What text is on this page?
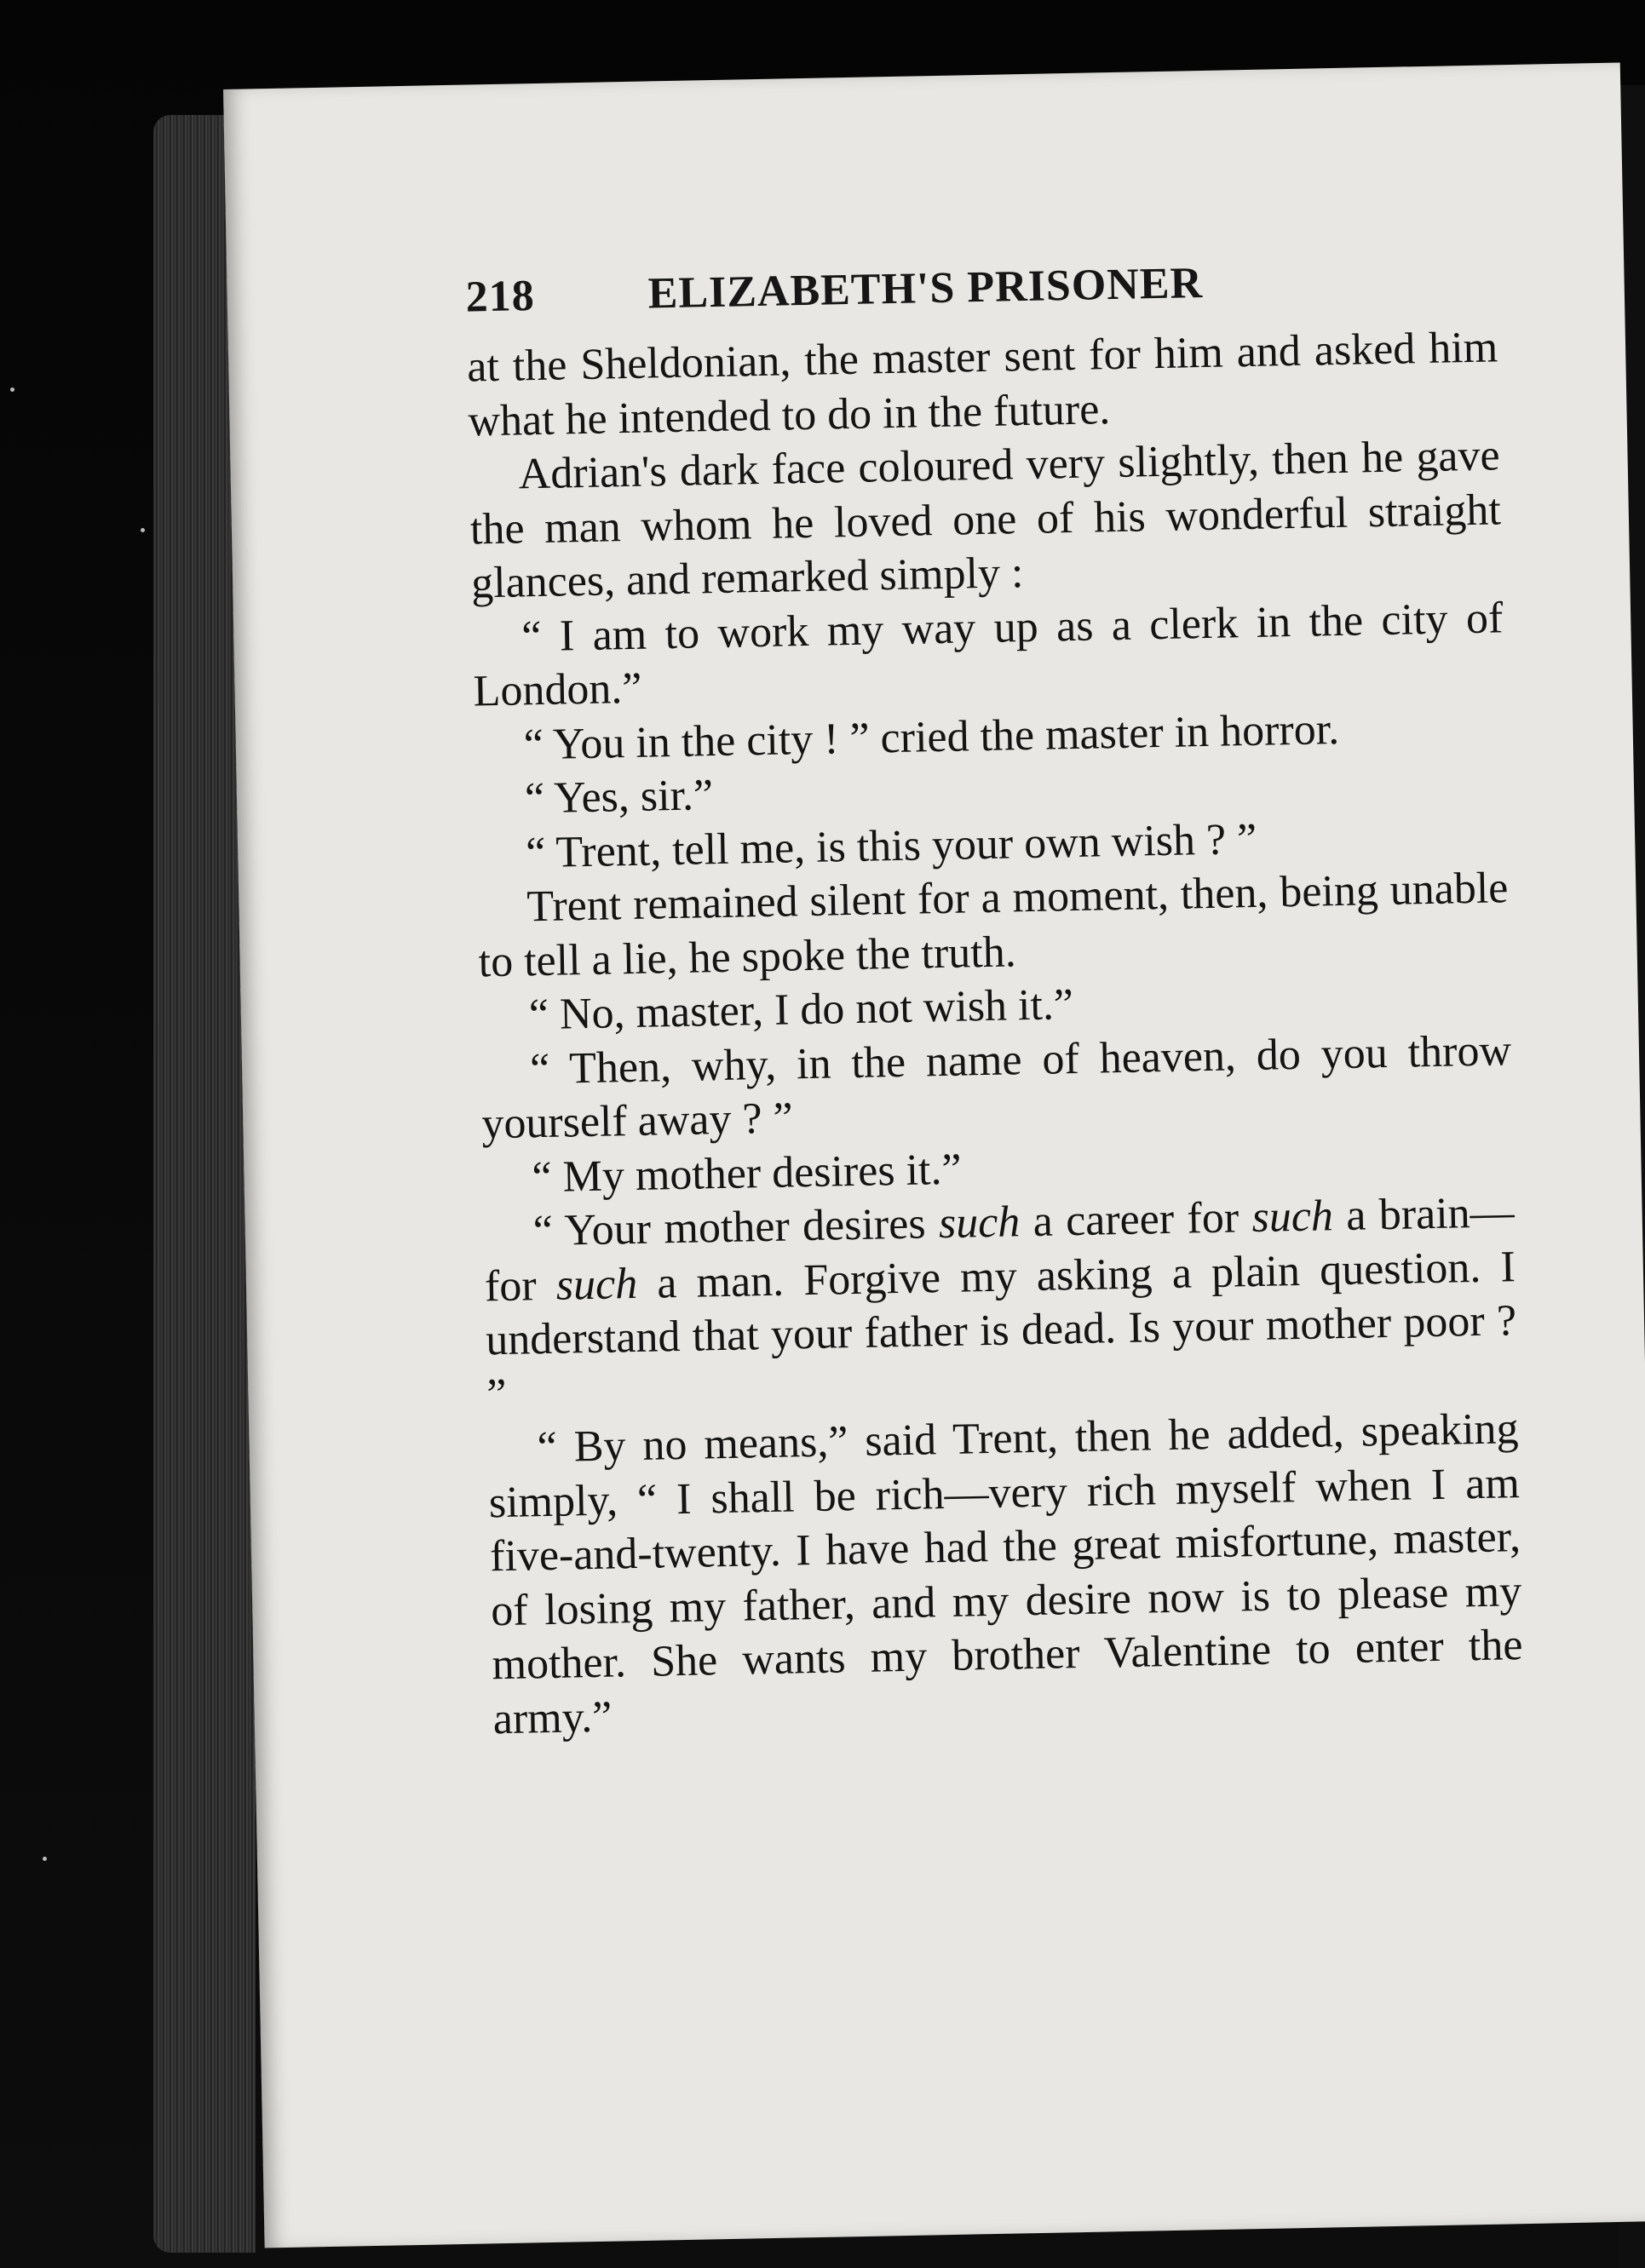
218	ELIZABETH'S PRISONER

at the Sheldonian, the master sent for him and asked him what he intended to do in the future.

Adrian's dark face coloured very slightly, then he gave the man whom he loved one of his wonderful straight glances, and remarked simply :

“ I am to work my way up as a clerk in the city of London.”

“ You in the city ! ” cried the master in horror.

“ Yes, sir.”

“ Trent, tell me, is this your own wish ? ”

Trent remained silent for a moment, then, being unable to tell a lie, he spoke the truth.

“ No, master, I do not wish it.”

“ Then, why, in the name of heaven, do you throw yourself away ? ”

“ My mother desires it.”

“ Your mother desires such a career for such a brain—for such a man. Forgive my asking a plain question. I understand that your father is dead. Is your mother poor ? ”

“ By no means,” said Trent, then he added, speaking simply, “ I shall be rich—very rich myself when I am five-and-twenty. I have had the great misfortune, master, of losing my father, and my desire now is to please my mother. She wants my brother Valentine to enter the army.”
